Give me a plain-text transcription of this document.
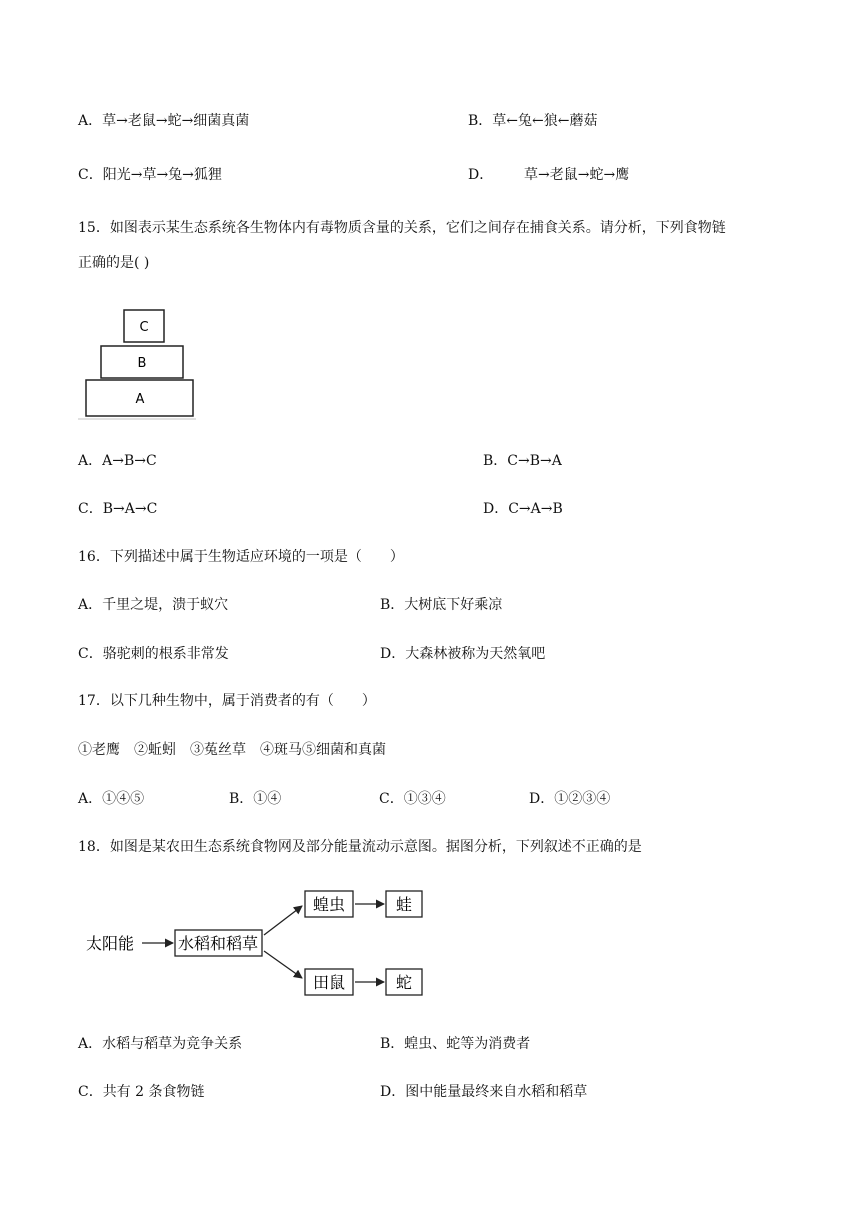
A．草→老鼠→蛇→细菌真菌	B．草←兔←狼←蘑菇
C．阳光→草→兔→狐狸	D． 草→老鼠→蛇→鹰
15．如图表示某生态系统各生物体内有毒物质含量的关系，它们之间存在捕食关系。请分析，下列食物链
正确的是( )
C
B
A
A．A→B→C	B．C→B→A
C．B→A→C	D．C→A→B
16．下列描述中属于生物适应环境的一项是（　　）
A．千里之堤，溃于蚁穴	B．大树底下好乘凉
C．骆驼刺的根系非常发	D．大森林被称为天然氧吧
17．以下几种生物中，属于消费者的有（　　）
①老鹰　②蚯蚓　③菟丝草　④斑马⑤细菌和真菌
A．①④⑤	B．①④	C．①③④	D．①②③④
18．如图是某农田生态系统食物网及部分能量流动示意图。据图分析，下列叙述不正确的是
太阳能	水稻和稻草
蝗虫	蛙
田鼠	蛇
A．水稻与稻草为竞争关系	B．蝗虫、蛇等为消费者
C．共有 2 条食物链	D．图中能量最终来自水稻和稻草
